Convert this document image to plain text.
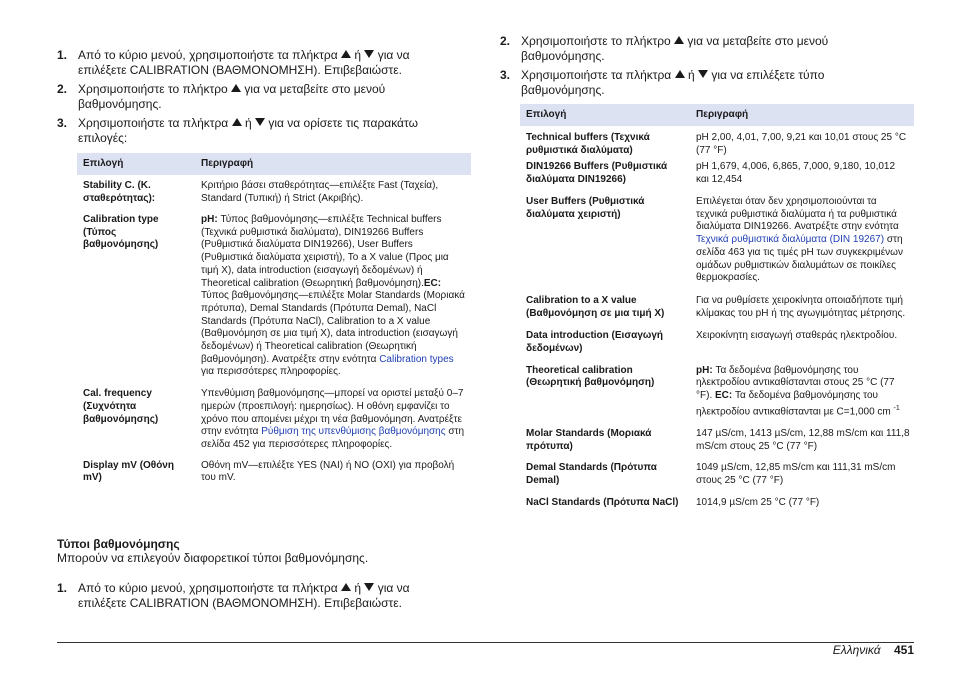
1. Από το κύριο μενού, χρησιμοποιήστε τα πλήκτρα ή για να
επιλέξετε CALIBRATION (ΒΑΘΜΟΝΟΜΗΣΗ). Επιβεβαιώστε.
2. Χρησιμοποιήστε το πλήκτρο για να μεταβείτε στο μενού
βαθμονόμησης.
3. Χρησιμοποιήστε τα πλήκτρα ή για να ορίσετε τις παρακάτω
επιλογές:
Επιλογή	Περιγραφή
Stability C. (K. σταθερότητας):	Κριτήριο βάσει σταθερότητας—επιλέξτε Fast (Ταχεία), Standard (Τυπική) ή Strict (Ακριβής).
Calibration type (Τύπος βαθμονόμησης)	pH: Τύπος βαθμονόμησης—επιλέξτε Technical buffers (Τεχνικά ρυθμιστικά διαλύματα), DIN19266 Buffers (Ρυθμιστικά διαλύματα DIN19266), User Buffers (Ρυθμιστικά διαλύματα χειριστή), To a X value (Προς μια τιμή X), data introduction (εισαγωγή δεδομένων) ή Theoretical calibration (Θεωρητική βαθμονόμηση).EC: Τύπος βαθμονόμησης—επιλέξτε Molar Standards (Μοριακά πρότυπα), Demal Standards (Πρότυπα Demal), NaCl Standards (Πρότυπα NaCl), Calibration to a X value (Βαθμονόμηση σε μια τιμή X), data introduction (εισαγωγή δεδομένων) ή Theoretical calibration (Θεωρητική βαθμονόμηση). Ανατρέξτε στην ενότητα Calibration types για περισσότερες πληροφορίες.
Cal. frequency (Συχνότητα βαθμονόμησης)	Υπενθύμιση βαθμονόμησης—μπορεί να οριστεί μεταξύ 0–7 ημερών (προεπιλογή: ημερησίως). Η οθόνη εμφανίζει το χρόνο που απομένει μέχρι τη νέα βαθμονόμηση. Ανατρέξτε στην ενότητα Ρύθμιση της υπενθύμισης βαθμονόμησης στη σελίδα 452 για περισσότερες πληροφορίες.
Display mV (Οθόνη mV)	Οθόνη mV—επιλέξτε YES (ΝΑΙ) ή NO (ΟΧΙ) για προβολή του mV.
Τύποι βαθμονόμησης
Μπορούν να επιλεγούν διαφορετικοί τύποι βαθμονόμησης.
1. Από το κύριο μενού, χρησιμοποιήστε τα πλήκτρα ή για να
επιλέξετε CALIBRATION (ΒΑΘΜΟΝΟΜΗΣΗ). Επιβεβαιώστε.
2. Χρησιμοποιήστε το πλήκτρο για να μεταβείτε στο μενού
βαθμονόμησης.
3. Χρησιμοποιήστε τα πλήκτρα ή για να επιλέξετε τύπο
βαθμονόμησης.
Επιλογή	Περιγραφή
Technical buffers (Τεχνικά ρυθμιστικά διαλύματα)	pH 2,00, 4,01, 7,00, 9,21 και 10,01 στους 25 °C (77 °F)
DIN19266 Buffers (Ρυθμιστικά διαλύματα DIN19266)	pH 1,679, 4,006, 6,865, 7,000, 9,180, 10,012 και 12,454
User Buffers (Ρυθμιστικά διαλύματα χειριστή)	Επιλέγεται όταν δεν χρησιμοποιούνται τα τεχνικά ρυθμιστικά διαλύματα ή τα ρυθμιστικά διαλύματα DIN19266. Ανατρέξτε στην ενότητα Τεχνικά ρυθμιστικά διαλύματα (DIN 19267) στη σελίδα 463 για τις τιμές pH των συγκεκριμένων ομάδων ρυθμιστικών διαλυμάτων σε ποικίλες θερμοκρασίες.
Calibration to a X value (Βαθμονόμηση σε μια τιμή X)	Για να ρυθμίσετε χειροκίνητα οποιαδήποτε τιμή κλίμακας του pH ή της αγωγιμότητας μέτρησης.
Data introduction (Εισαγωγή δεδομένων)	Χειροκίνητη εισαγωγή σταθεράς ηλεκτροδίου.
Theoretical calibration (Θεωρητική βαθμονόμηση)	pH: Τα δεδομένα βαθμονόμησης του ηλεκτροδίου αντικαθίστανται στους 25 °C (77 °F). EC: Τα δεδομένα βαθμονόμησης του ηλεκτροδίου αντικαθίστανται με C=1,000 cm $^{-1}$
Molar Standards (Μοριακά πρότυπα)	147 µS/cm, 1413 µS/cm, 12,88 mS/cm και 111,8 mS/cm στους 25 °C (77 °F)
Demal Standards (Πρότυπα Demal)	1049 µS/cm, 12,85 mS/cm και 111,31 mS/cm στους 25 °C (77 °F)
NaCl Standards (Πρότυπα NaCl)	1014,9 µS/cm 25 °C (77 °F)
Ελληνικά 451
